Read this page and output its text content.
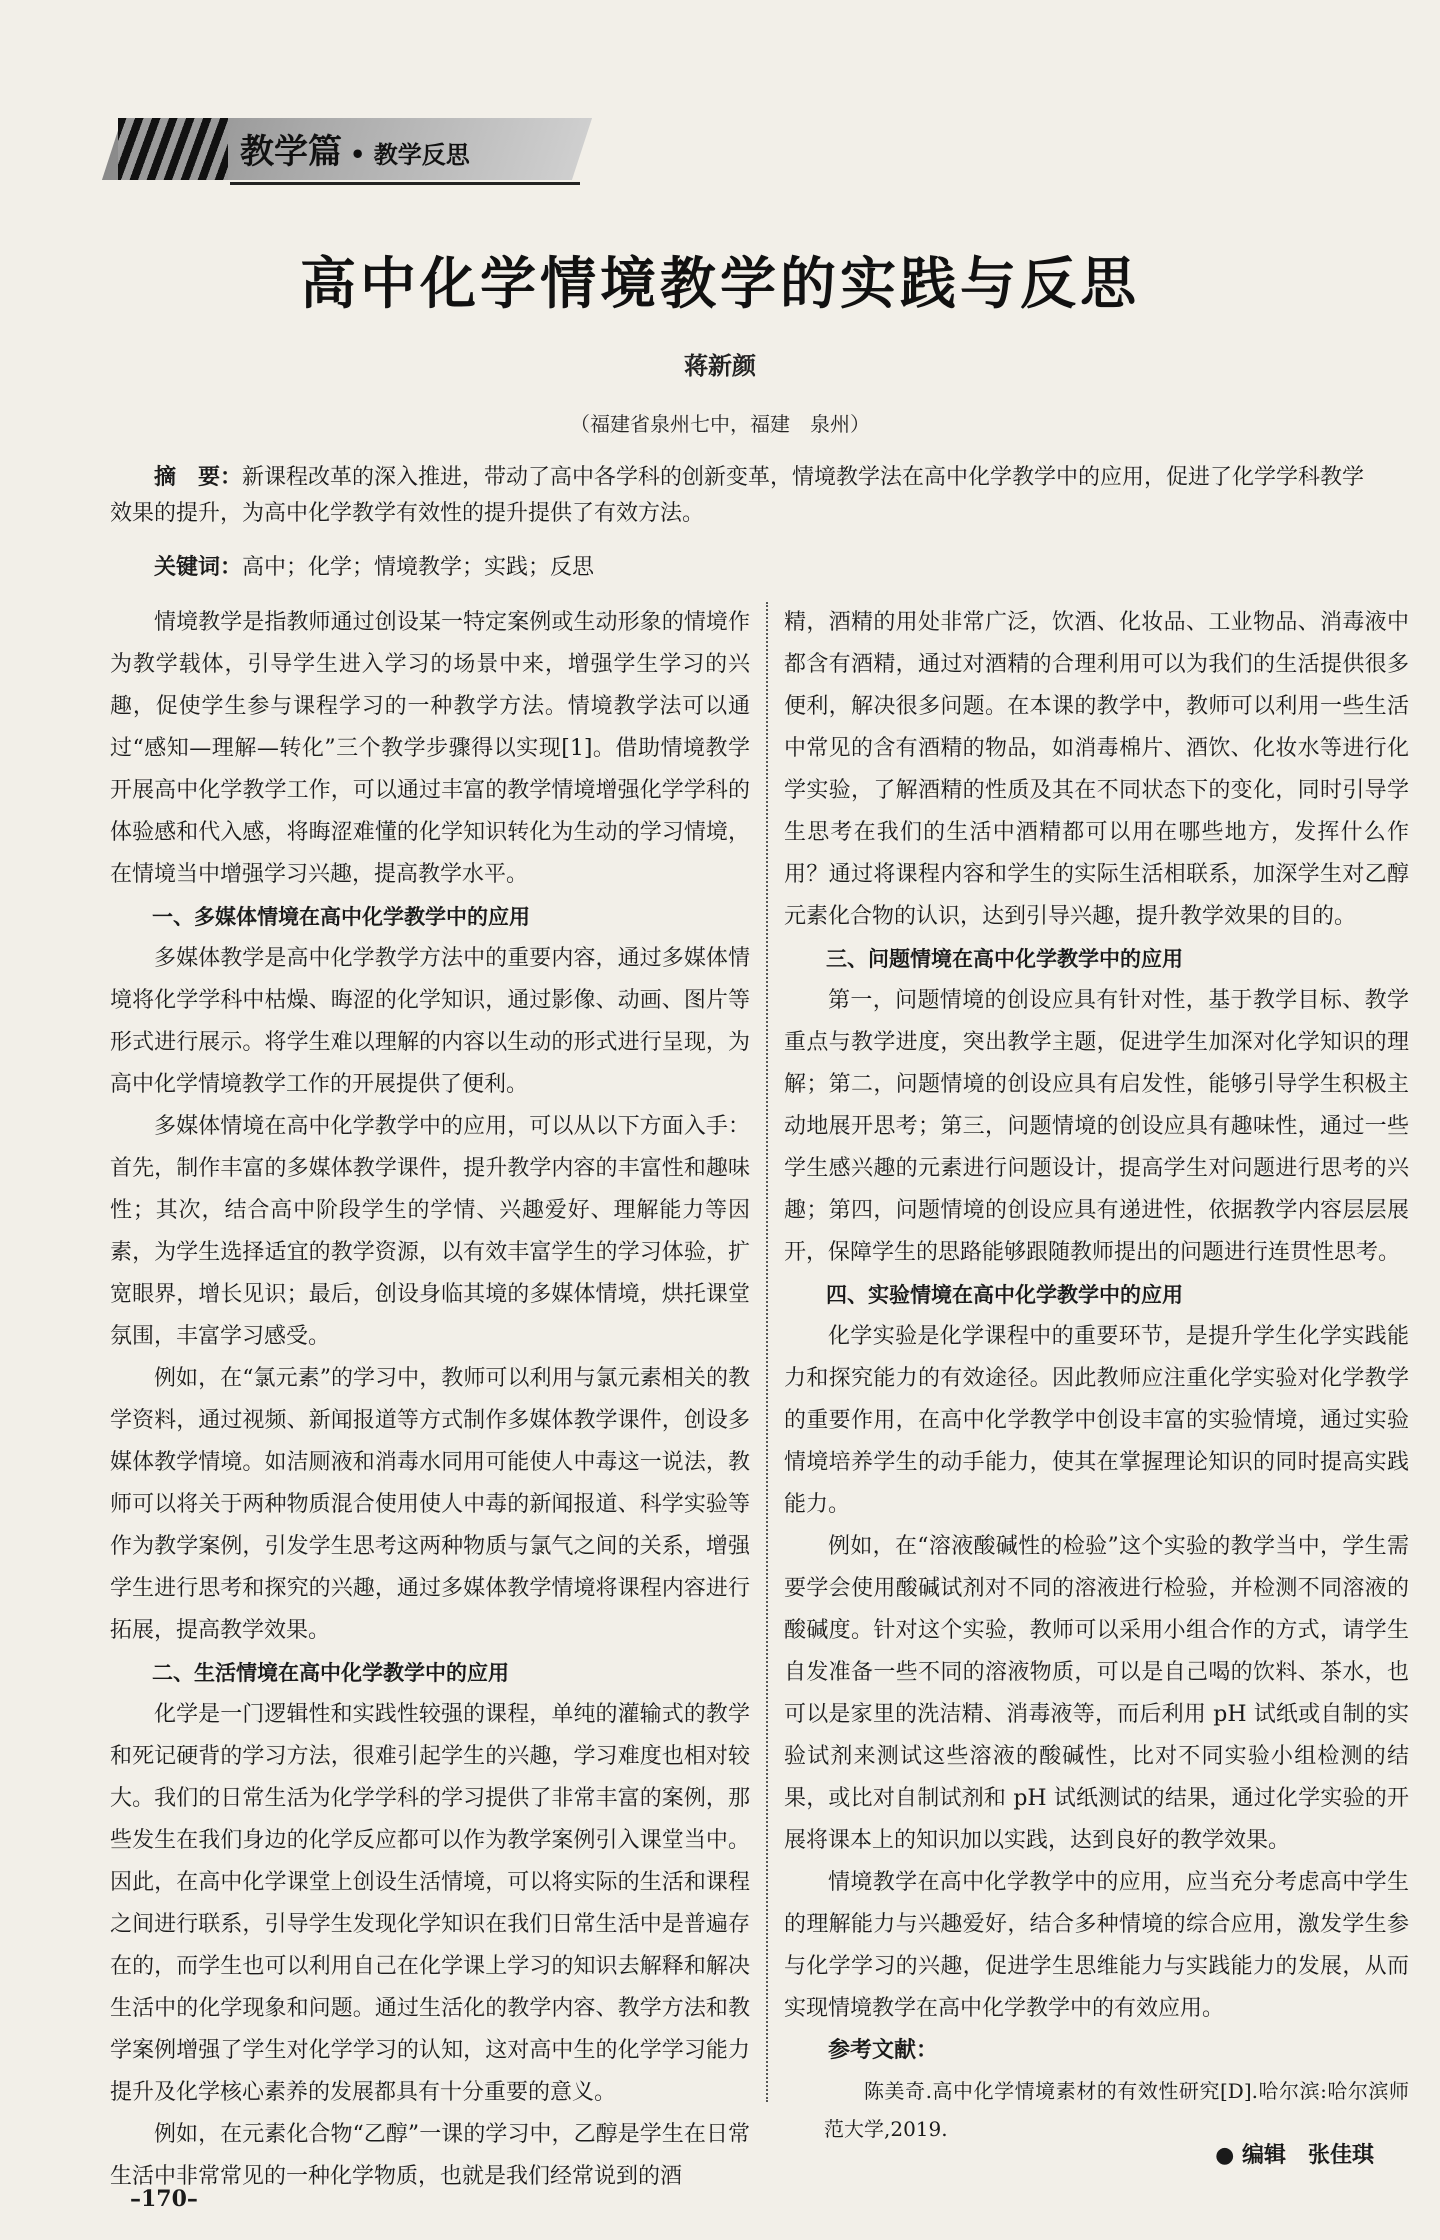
教学篇 • 教学反思
高中化学情境教学的实践与反思
蒋新颜
（福建省泉州七中，福建　泉州）
摘　要：新课程改革的深入推进，带动了高中各学科的创新变革，情境教学法在高中化学教学中的应用，促进了化学学科教学效果的提升，为高中化学教学有效性的提升提供了有效方法。
关键词：高中；化学；情境教学；实践；反思

情境教学是指教师通过创设某一特定案例或生动形象的情境作为教学载体，引导学生进入学习的场景中来，增强学生学习的兴趣，促使学生参与课程学习的一种教学方法。情境教学法可以通过“感知—理解—转化”三个教学步骤得以实现[1]。借助情境教学开展高中化学教学工作，可以通过丰富的教学情境增强化学学科的体验感和代入感，将晦涩难懂的化学知识转化为生动的学习情境，在情境当中增强学习兴趣，提高教学水平。

一、多媒体情境在高中化学教学中的应用

多媒体教学是高中化学教学方法中的重要内容，通过多媒体情境将化学学科中枯燥、晦涩的化学知识，通过影像、动画、图片等形式进行展示。将学生难以理解的内容以生动的形式进行呈现，为高中化学情境教学工作的开展提供了便利。

多媒体情境在高中化学教学中的应用，可以从以下方面入手：首先，制作丰富的多媒体教学课件，提升教学内容的丰富性和趣味性；其次，结合高中阶段学生的学情、兴趣爱好、理解能力等因素，为学生选择适宜的教学资源，以有效丰富学生的学习体验，扩宽眼界，增长见识；最后，创设身临其境的多媒体情境，烘托课堂氛围，丰富学习感受。

例如，在“氯元素”的学习中，教师可以利用与氯元素相关的教学资料，通过视频、新闻报道等方式制作多媒体教学课件，创设多媒体教学情境。如洁厕液和消毒水同用可能使人中毒这一说法，教师可以将关于两种物质混合使用使人中毒的新闻报道、科学实验等作为教学案例，引发学生思考这两种物质与氯气之间的关系，增强学生进行思考和探究的兴趣，通过多媒体教学情境将课程内容进行拓展，提高教学效果。

二、生活情境在高中化学教学中的应用

化学是一门逻辑性和实践性较强的课程，单纯的灌输式的教学和死记硬背的学习方法，很难引起学生的兴趣，学习难度也相对较大。我们的日常生活为化学学科的学习提供了非常丰富的案例，那些发生在我们身边的化学反应都可以作为教学案例引入课堂当中。因此，在高中化学课堂上创设生活情境，可以将实际的生活和课程之间进行联系，引导学生发现化学知识在我们日常生活中是普遍存在的，而学生也可以利用自己在化学课上学习的知识去解释和解决生活中的化学现象和问题。通过生活化的教学内容、教学方法和教学案例增强了学生对化学学习的认知，这对高中生的化学学习能力提升及化学核心素养的发展都具有十分重要的意义。

例如，在元素化合物“乙醇”一课的学习中，乙醇是学生在日常生活中非常常见的一种化学物质，也就是我们经常说到的酒

精，酒精的用处非常广泛，饮酒、化妆品、工业物品、消毒液中都含有酒精，通过对酒精的合理利用可以为我们的生活提供很多便利，解决很多问题。在本课的教学中，教师可以利用一些生活中常见的含有酒精的物品，如消毒棉片、酒饮、化妆水等进行化学实验，了解酒精的性质及其在不同状态下的变化，同时引导学生思考在我们的生活中酒精都可以用在哪些地方，发挥什么作用？通过将课程内容和学生的实际生活相联系，加深学生对乙醇元素化合物的认识，达到引导兴趣，提升教学效果的目的。

三、问题情境在高中化学教学中的应用

第一，问题情境的创设应具有针对性，基于教学目标、教学重点与教学进度，突出教学主题，促进学生加深对化学知识的理解；第二，问题情境的创设应具有启发性，能够引导学生积极主动地展开思考；第三，问题情境的创设应具有趣味性，通过一些学生感兴趣的元素进行问题设计，提高学生对问题进行思考的兴趣；第四，问题情境的创设应具有递进性，依据教学内容层层展开，保障学生的思路能够跟随教师提出的问题进行连贯性思考。

四、实验情境在高中化学教学中的应用

化学实验是化学课程中的重要环节，是提升学生化学实践能力和探究能力的有效途径。因此教师应注重化学实验对化学教学的重要作用，在高中化学教学中创设丰富的实验情境，通过实验情境培养学生的动手能力，使其在掌握理论知识的同时提高实践能力。

例如，在“溶液酸碱性的检验”这个实验的教学当中，学生需要学会使用酸碱试剂对不同的溶液进行检验，并检测不同溶液的酸碱度。针对这个实验，教师可以采用小组合作的方式，请学生自发准备一些不同的溶液物质，可以是自己喝的饮料、茶水，也可以是家里的洗洁精、消毒液等，而后利用 pH 试纸或自制的实验试剂来测试这些溶液的酸碱性，比对不同实验小组检测的结果，或比对自制试剂和 pH 试纸测试的结果，通过化学实验的开展将课本上的知识加以实践，达到良好的教学效果。

情境教学在高中化学教学中的应用，应当充分考虑高中学生的理解能力与兴趣爱好，结合多种情境的综合应用，激发学生参与化学学习的兴趣，促进学生思维能力与实践能力的发展，从而实现情境教学在高中化学教学中的有效应用。

参考文献：

陈美奇.高中化学情境素材的有效性研究[D].哈尔滨:哈尔滨师范大学,2019.

–170–
● 编辑　张佳琪
